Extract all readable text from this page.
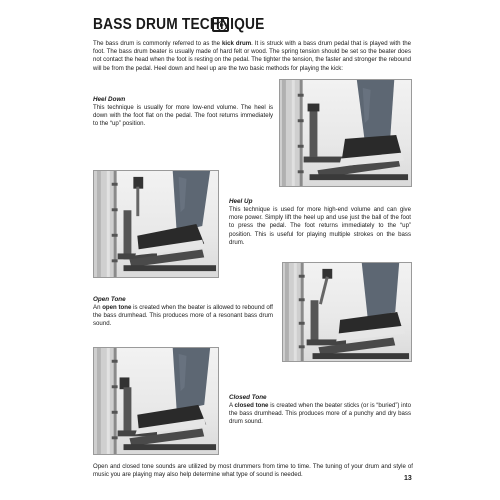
BASS DRUM TECHNIQUE

The bass drum is commonly referred to as the kick drum. It is struck with a bass drum pedal that is played with the foot. The bass drum beater is usually made of hard felt or wood. The spring tension should be set so the beater does not contact the head when the foot is resting on the pedal. The tighter the tension, the faster and stronger the rebound will be from the pedal. Heel down and heel up are the two basic methods for playing the kick:

Heel Down

This technique is usually for more low-end volume. The heel is down with the foot flat on the pedal. The foot returns immediately to the “up” position.

Heel Up

This technique is used for more high-end volume and can give more power. Simply lift the heel up and use just the ball of the foot to press the pedal. The foot returns immediately to the “up” position. This is useful for playing multiple strokes on the bass drum.

Open Tone

An open tone is created when the beater is allowed to rebound off the bass drumhead. This produces more of a resonant bass drum sound.

Closed Tone

A closed tone is created when the beater sticks (or is “buried”) into the bass drumhead. This produces more of a punchy and dry bass drum sound.

Open and closed tone sounds are utilized by most drummers from time to time. The tuning of your drum and style of music you are playing may also help determine what type of sound is needed.

13
